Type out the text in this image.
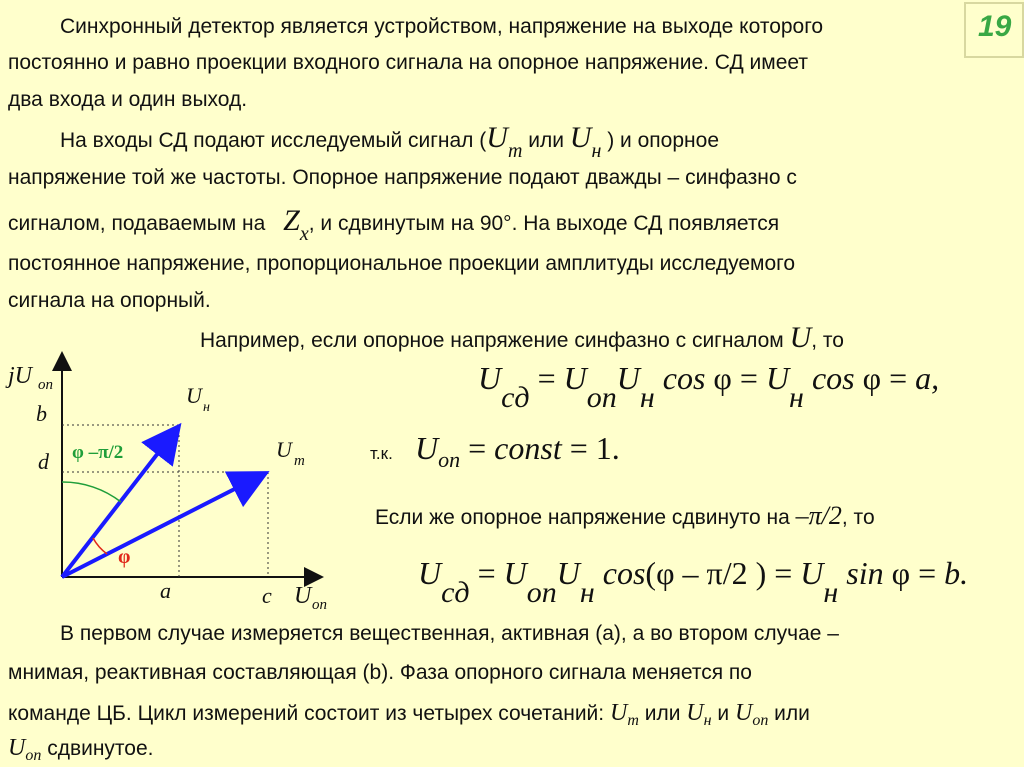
19
Синхронный детектор является устройством, напряжение на выходе которого
постоянно и равно проекции входного сигнала на опорное напряжение. СД имеет
два входа и один выход.
На входы СД подают исследуемый сигнал (Um или Uн ) и опорное
напряжение той же частоты. Опорное напряжение подают дважды – синфазно с
сигналом, подаваемым на Zx, и сдвинутым на 90°. На выходе СД появляется
постоянное напряжение, пропорциональное проекции амплитуды исследуемого
сигнала на опорный.
Например, если опорное напряжение синфазно с сигналом U, то
Uсд = UonUн cos φ = Uн cos φ = a,
т.к. $U_{on}$ = const = 1.
Если же опорное напряжение сдвинуто на –π/2, то
Uсд = UonUн cos(φ – π/2 ) = Uн sin φ = b.
jU on
b
d
a	c U on
U н
U m
φ –π/2
φ
В первом случае измеряется вещественная, активная (а), а во втором случае –
мнимая, реактивная составляющая (b). Фаза опорного сигнала меняется по
команде ЦБ. Цикл измерений состоит из четырех сочетаний: $U_m$ или $U_н$ и $U_{on}$ или
$U_{on}$ сдвинутое.
